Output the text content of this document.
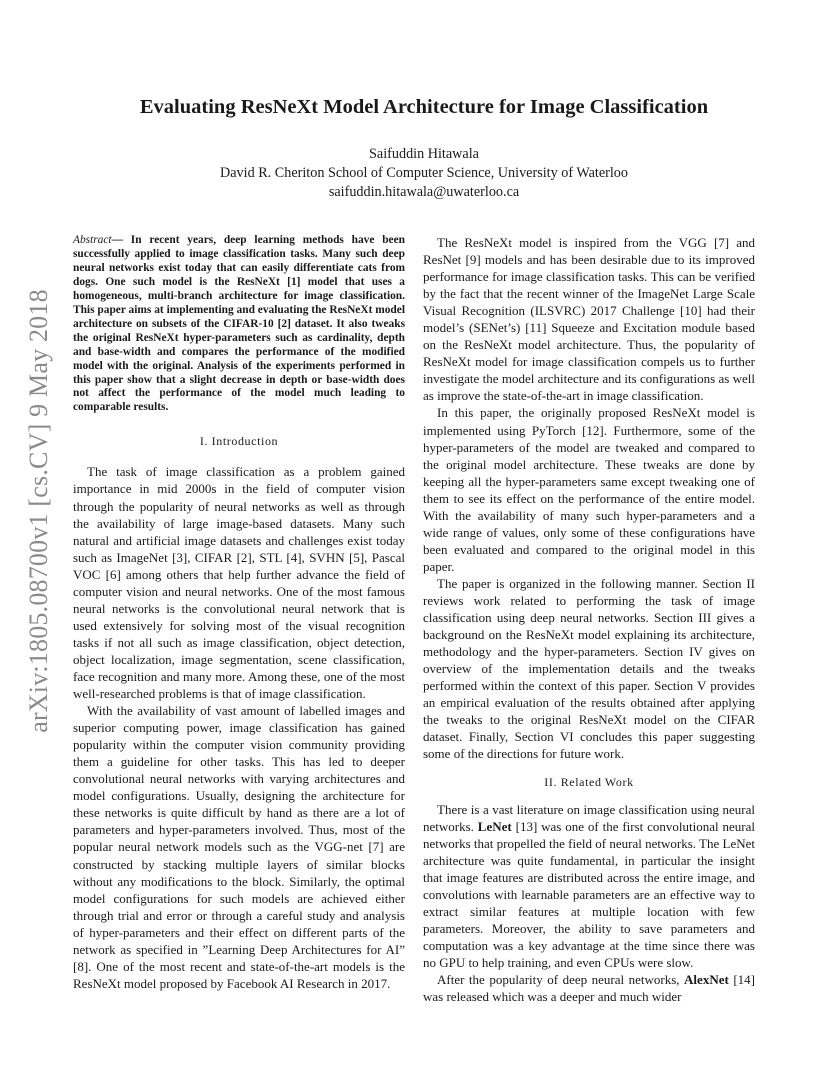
arXiv:1805.08700v1 [cs.CV] 9 May 2018
Evaluating ResNeXt Model Architecture for Image Classification
Saifuddin Hitawala
David R. Cheriton School of Computer Science, University of Waterloo
saifuddin.hitawala@uwaterloo.ca
Abstract— In recent years, deep learning methods have been successfully applied to image classification tasks. Many such deep neural networks exist today that can easily differentiate cats from dogs. One such model is the ResNeXt [1] model that uses a homogeneous, multi-branch architecture for image classification. This paper aims at implementing and evaluating the ResNeXt model architecture on subsets of the CIFAR-10 [2] dataset. It also tweaks the original ResNeXt hyper-parameters such as cardinality, depth and base-width and compares the performance of the modified model with the original. Analysis of the experiments performed in this paper show that a slight decrease in depth or base-width does not affect the performance of the model much leading to comparable results.
I. Introduction

The task of image classification as a problem gained importance in mid 2000s in the field of computer vision through the popularity of neural networks as well as through the availability of large image-based datasets. Many such natural and artificial image datasets and challenges exist today such as ImageNet [3], CIFAR [2], STL [4], SVHN [5], Pascal VOC [6] among others that help further advance the field of computer vision and neural networks. One of the most famous neural networks is the convolutional neural network that is used extensively for solving most of the visual recognition tasks if not all such as image classification, object detection, object localization, image segmentation, scene classification, face recognition and many more. Among these, one of the most well-researched problems is that of image classification.

With the availability of vast amount of labelled images and superior computing power, image classification has gained popularity within the computer vision community providing them a guideline for other tasks. This has led to deeper convolutional neural networks with varying architectures and model configurations. Usually, designing the architecture for these networks is quite difficult by hand as there are a lot of parameters and hyper-parameters involved. Thus, most of the popular neural network models such as the VGG-net [7] are constructed by stacking multiple layers of similar blocks without any modifications to the block. Similarly, the optimal model configurations for such models are achieved either through trial and error or through a careful study and analysis of hyper-parameters and their effect on different parts of the network as specified in ”Learning Deep Architectures for AI” [8]. One of the most recent and state-of-the-art models is the ResNeXt model proposed by Facebook AI Research in 2017.

The ResNeXt model is inspired from the VGG [7] and ResNet [9] models and has been desirable due to its improved performance for image classification tasks. This can be verified by the fact that the recent winner of the ImageNet Large Scale Visual Recognition (ILSVRC) 2017 Challenge [10] had their model’s (SENet’s) [11] Squeeze and Excitation module based on the ResNeXt model architecture. Thus, the popularity of ResNeXt model for image classification compels us to further investigate the model architecture and its configurations as well as improve the state-of-the-art in image classification.

In this paper, the originally proposed ResNeXt model is implemented using PyTorch [12]. Furthermore, some of the hyper-parameters of the model are tweaked and compared to the original model architecture. These tweaks are done by keeping all the hyper-parameters same except tweaking one of them to see its effect on the performance of the entire model. With the availability of many such hyper-parameters and a wide range of values, only some of these configurations have been evaluated and compared to the original model in this paper.

The paper is organized in the following manner. Section II reviews work related to performing the task of image classification using deep neural networks. Section III gives a background on the ResNeXt model explaining its architecture, methodology and the hyper-parameters. Section IV gives on overview of the implementation details and the tweaks performed within the context of this paper. Section V provides an empirical evaluation of the results obtained after applying the tweaks to the original ResNeXt model on the CIFAR dataset. Finally, Section VI concludes this paper suggesting some of the directions for future work.

II. Related Work

There is a vast literature on image classification using neural networks. LeNet [13] was one of the first convolutional neural networks that propelled the field of neural networks. The LeNet architecture was quite fundamental, in particular the insight that image features are distributed across the entire image, and convolutions with learnable parameters are an effective way to extract similar features at multiple location with few parameters. Moreover, the ability to save parameters and computation was a key advantage at the time since there was no GPU to help training, and even CPUs were slow.

After the popularity of deep neural networks, AlexNet [14] was released which was a deeper and much wider
